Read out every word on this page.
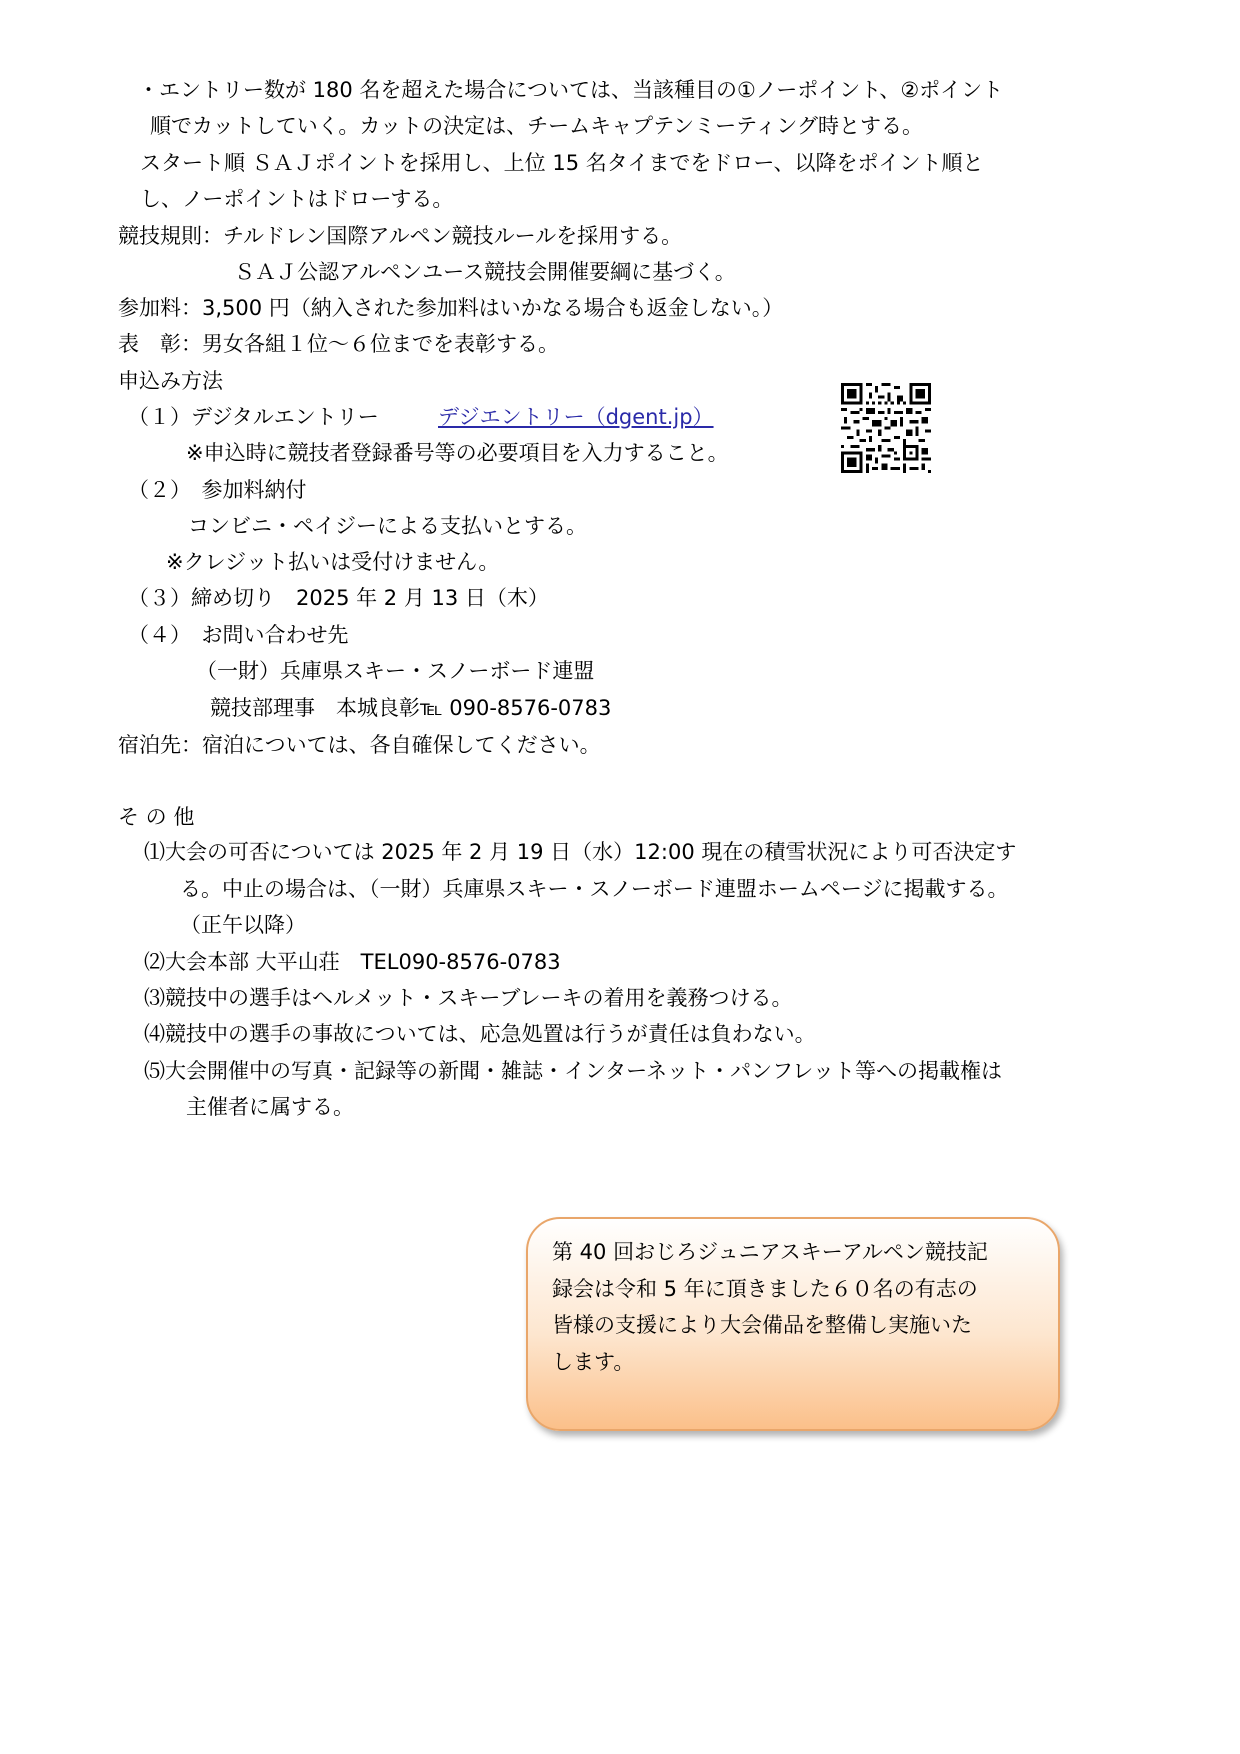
・エントリー数が 180 名を超えた場合については、当該種目の①ノーポイント、②ポイント
順でカットしていく。カットの決定は、チームキャプテンミーティング時とする。
スタート順 ＳＡＪポイントを採用し、上位 15 名タイまでをドロー、以降をポイント順と
し、ノーポイントはドローする。
競技規則：チルドレン国際アルペン競技ルールを採用する。
ＳＡＪ公認アルペンユース競技会開催要綱に基づく。
参加料：3,500 円（納入された参加料はいかなる場合も返金しない。）
表　彰：男女各組１位～６位までを表彰する。
申込み方法
（１）デジタルエントリー	デジエントリー（dgent.jp）
※申込時に競技者登録番号等の必要項目を入力すること。
（２）　参加料納付
コンビニ・ペイジーによる支払いとする。
※クレジット払いは受付けません。
（３）締め切り　2025 年 2 月 13 日（木）
（４）　お問い合わせ先
（一財）兵庫県スキー・スノーボード連盟
競技部理事　本城良彰℡ 090-8576-0783
宿泊先：宿泊については、各自確保してください。
そ の 他
⑴大会の可否については 2025 年 2 月 19 日（水）12:00 現在の積雪状況により可否決定す
る。中止の場合は、（一財）兵庫県スキー・スノーボード連盟ホームページに掲載する。
（正午以降）
⑵大会本部 大平山荘　TEL090-8576-0783
⑶競技中の選手はヘルメット・スキーブレーキの着用を義務つける。
⑷競技中の選手の事故については、応急処置は行うが責任は負わない。
⑸大会開催中の写真・記録等の新聞・雑誌・インターネット・パンフレット等への掲載権は
主催者に属する。
第 40 回おじろジュニアスキーアルペン競技記
録会は令和 5 年に頂きました６０名の有志の
皆様の支援により大会備品を整備し実施いた
します。
